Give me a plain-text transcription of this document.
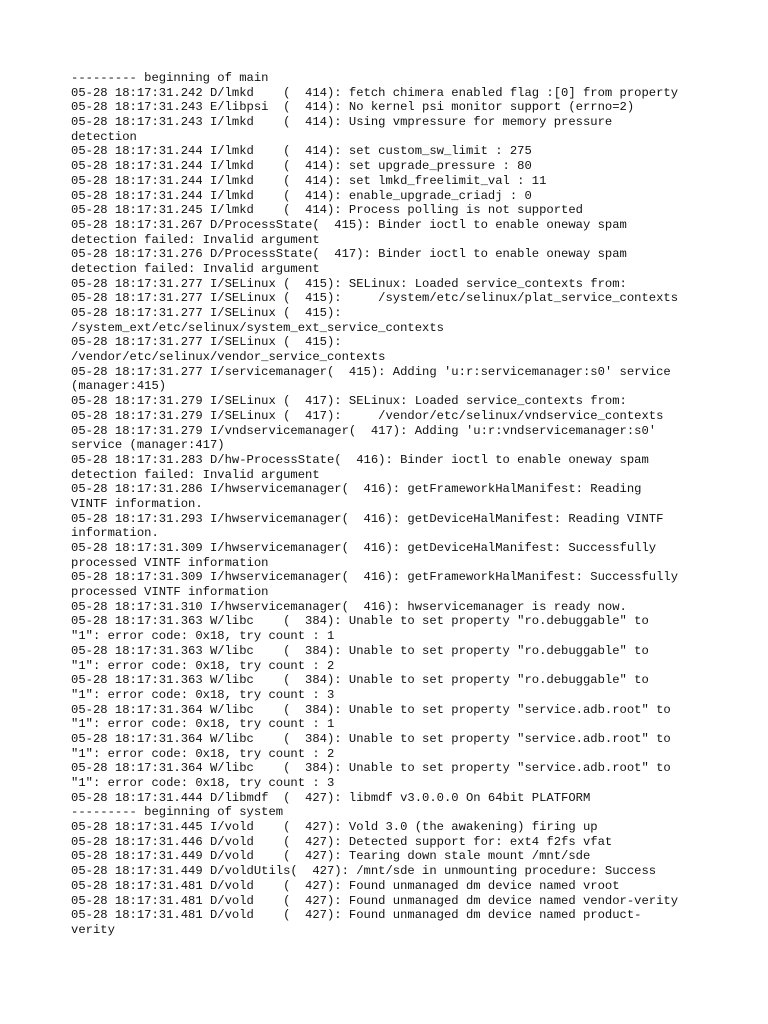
--------- beginning of main
05-28 18:17:31.242 D/lmkd    (  414): fetch chimera enabled flag :[0] from property
05-28 18:17:31.243 E/libpsi  (  414): No kernel psi monitor support (errno=2)
05-28 18:17:31.243 I/lmkd    (  414): Using vmpressure for memory pressure
detection
05-28 18:17:31.244 I/lmkd    (  414): set custom_sw_limit : 275
05-28 18:17:31.244 I/lmkd    (  414): set upgrade_pressure : 80
05-28 18:17:31.244 I/lmkd    (  414): set lmkd_freelimit_val : 11
05-28 18:17:31.244 I/lmkd    (  414): enable_upgrade_criadj : 0
05-28 18:17:31.245 I/lmkd    (  414): Process polling is not supported
05-28 18:17:31.267 D/ProcessState(  415): Binder ioctl to enable oneway spam
detection failed: Invalid argument
05-28 18:17:31.276 D/ProcessState(  417): Binder ioctl to enable oneway spam
detection failed: Invalid argument
05-28 18:17:31.277 I/SELinux (  415): SELinux: Loaded service_contexts from:
05-28 18:17:31.277 I/SELinux (  415):     /system/etc/selinux/plat_service_contexts
05-28 18:17:31.277 I/SELinux (  415):
/system_ext/etc/selinux/system_ext_service_contexts
05-28 18:17:31.277 I/SELinux (  415):
/vendor/etc/selinux/vendor_service_contexts
05-28 18:17:31.277 I/servicemanager(  415): Adding 'u:r:servicemanager:s0' service
(manager:415)
05-28 18:17:31.279 I/SELinux (  417): SELinux: Loaded service_contexts from:
05-28 18:17:31.279 I/SELinux (  417):     /vendor/etc/selinux/vndservice_contexts
05-28 18:17:31.279 I/vndservicemanager(  417): Adding 'u:r:vndservicemanager:s0'
service (manager:417)
05-28 18:17:31.283 D/hw-ProcessState(  416): Binder ioctl to enable oneway spam
detection failed: Invalid argument
05-28 18:17:31.286 I/hwservicemanager(  416): getFrameworkHalManifest: Reading
VINTF information.
05-28 18:17:31.293 I/hwservicemanager(  416): getDeviceHalManifest: Reading VINTF
information.
05-28 18:17:31.309 I/hwservicemanager(  416): getDeviceHalManifest: Successfully
processed VINTF information
05-28 18:17:31.309 I/hwservicemanager(  416): getFrameworkHalManifest: Successfully
processed VINTF information
05-28 18:17:31.310 I/hwservicemanager(  416): hwservicemanager is ready now.
05-28 18:17:31.363 W/libc    (  384): Unable to set property "ro.debuggable" to
"1": error code: 0x18, try count : 1
05-28 18:17:31.363 W/libc    (  384): Unable to set property "ro.debuggable" to
"1": error code: 0x18, try count : 2
05-28 18:17:31.363 W/libc    (  384): Unable to set property "ro.debuggable" to
"1": error code: 0x18, try count : 3
05-28 18:17:31.364 W/libc    (  384): Unable to set property "service.adb.root" to
"1": error code: 0x18, try count : 1
05-28 18:17:31.364 W/libc    (  384): Unable to set property "service.adb.root" to
"1": error code: 0x18, try count : 2
05-28 18:17:31.364 W/libc    (  384): Unable to set property "service.adb.root" to
"1": error code: 0x18, try count : 3
05-28 18:17:31.444 D/libmdf  (  427): libmdf v3.0.0.0 On 64bit PLATFORM
--------- beginning of system
05-28 18:17:31.445 I/vold    (  427): Vold 3.0 (the awakening) firing up
05-28 18:17:31.446 D/vold    (  427): Detected support for: ext4 f2fs vfat
05-28 18:17:31.449 D/vold    (  427): Tearing down stale mount /mnt/sde
05-28 18:17:31.449 D/voldUtils(  427): /mnt/sde in unmounting procedure: Success
05-28 18:17:31.481 D/vold    (  427): Found unmanaged dm device named vroot
05-28 18:17:31.481 D/vold    (  427): Found unmanaged dm device named vendor-verity
05-28 18:17:31.481 D/vold    (  427): Found unmanaged dm device named product-
verity
